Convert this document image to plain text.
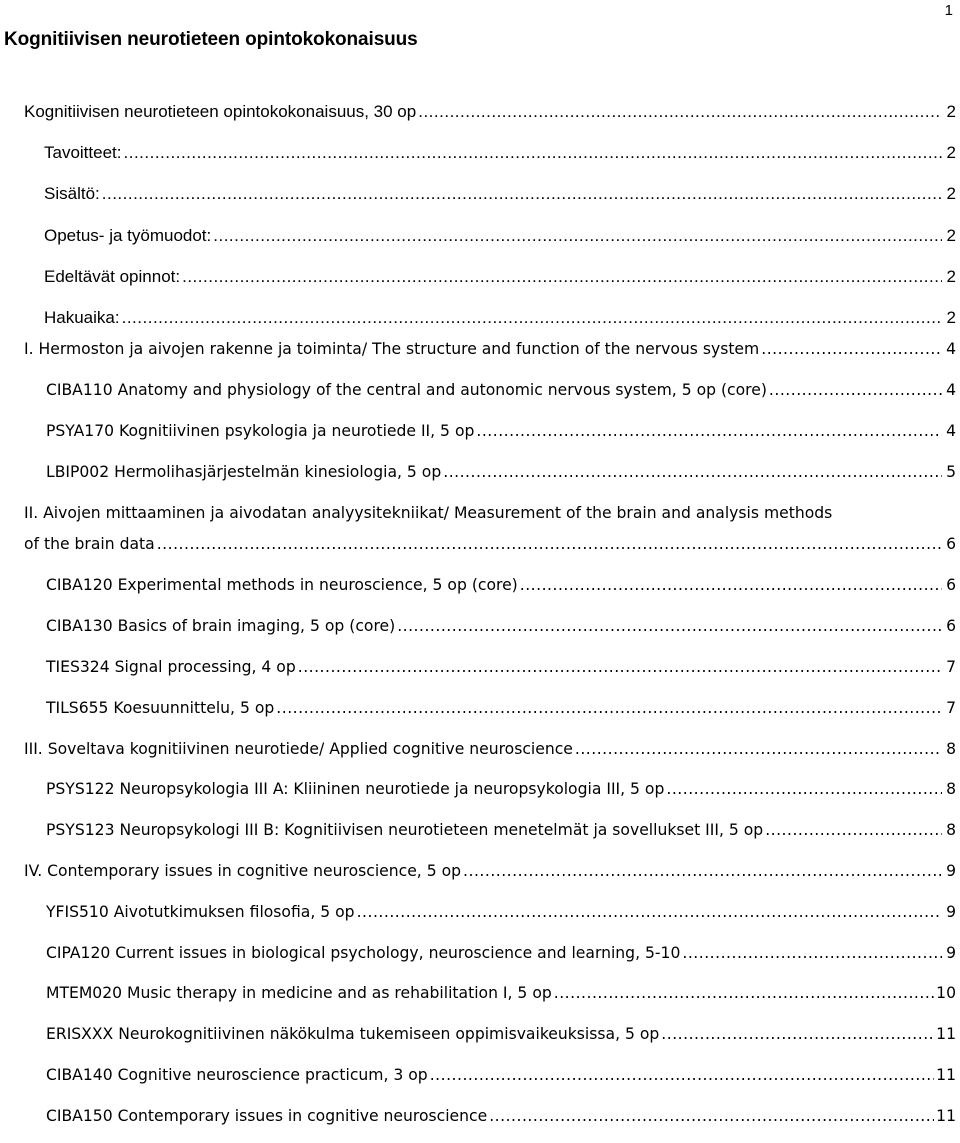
1
Kognitiivisen neurotieteen opintokokonaisuus
Kognitiivisen neurotieteen opintokokonaisuus, 30 op .....	2
Tavoitteet: .....	2
Sisältö: .....	2
Opetus- ja työmuodot: .....	2
Edeltävät opinnot: .....	2
Hakuaika: .....	2
I. Hermoston ja aivojen rakenne ja toiminta/ The structure and function of the nervous system .....	4
CIBA110 Anatomy and physiology of the central and autonomic nervous system, 5 op (core) .....	4
PSYA170 Kognitiivinen psykologia ja neurotiede II, 5 op .....	4
LBIP002 Hermolihasjärjestelmän kinesiologia, 5 op .....	5
II. Aivojen mittaaminen ja aivodatan analyysitekniikat/ Measurement of the brain and analysis methods
of the brain data .....	6
CIBA120 Experimental methods in neuroscience, 5 op (core) .....	6
CIBA130 Basics of brain imaging, 5 op (core) .....	6
TIES324 Signal processing, 4 op .....	7
TILS655 Koesuunnittelu, 5 op .....	7
III. Soveltava kognitiivinen neurotiede/ Applied cognitive neuroscience .....	8
PSYS122 Neuropsykologia III A: Kliininen neurotiede ja neuropsykologia III, 5 op .....	8
PSYS123 Neuropsykologi III B: Kognitiivisen neurotieteen menetelmät ja sovellukset III, 5 op .....	8
IV. Contemporary issues in cognitive neuroscience, 5 op .....	9
YFIS510 Aivotutkimuksen filosofia, 5 op .....	9
CIPA120 Current issues in biological psychology, neuroscience and learning, 5-10 .....	9
MTEM020 Music therapy in medicine and as rehabilitation I, 5 op .....	10
ERISXXX Neurokognitiivinen näkökulma tukemiseen oppimisvaikeuksissa, 5 op .....	11
CIBA140 Cognitive neuroscience practicum, 3 op .....	11
CIBA150 Contemporary issues in cognitive neuroscience .....	11
